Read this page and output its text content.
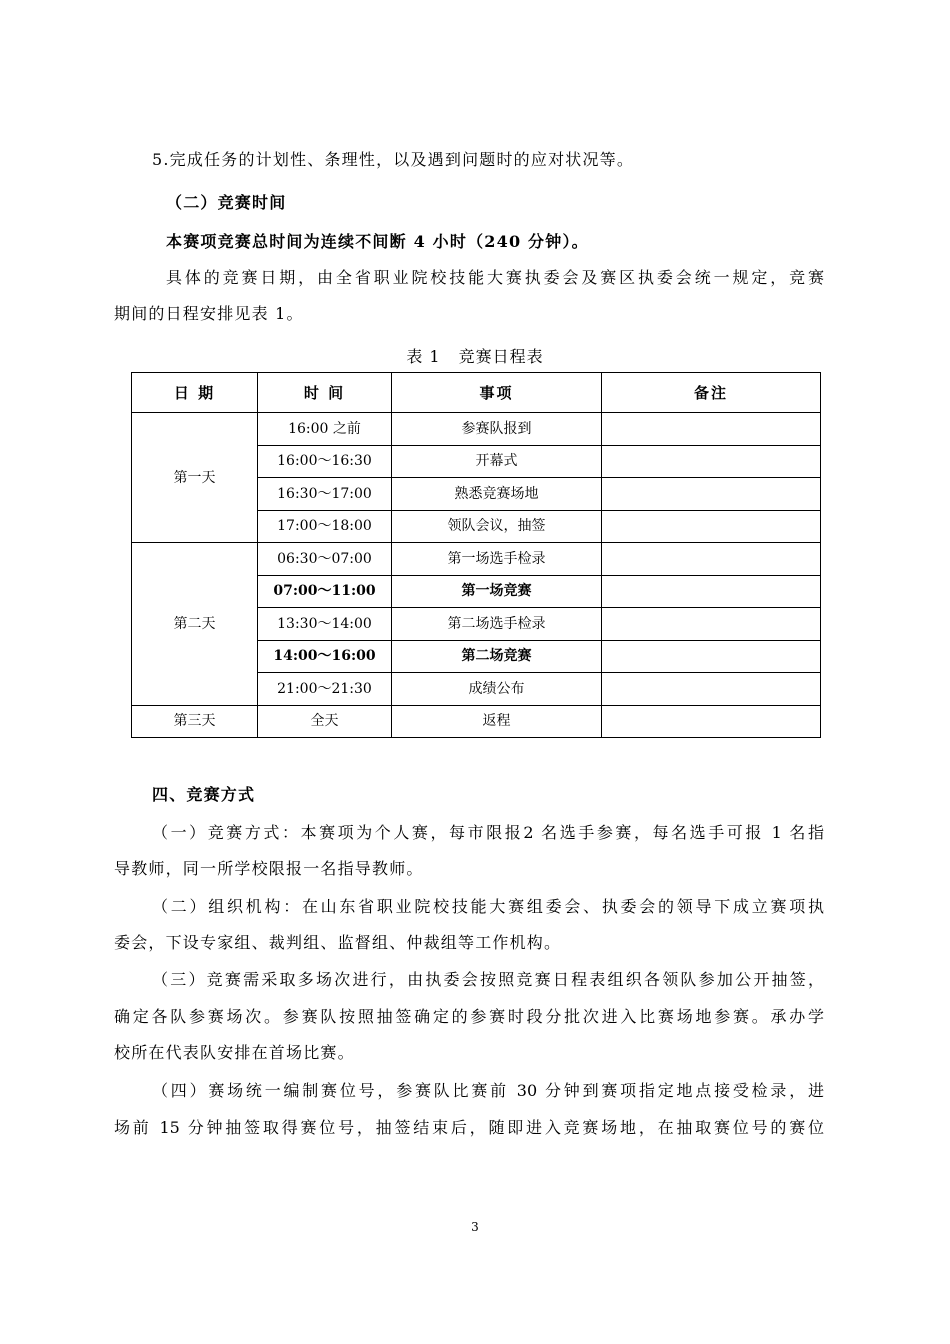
5.完成任务的计划性、条理性，以及遇到问题时的应对状况等。
（二）竞赛时间
本赛项竞赛总时间为连续不间断 4 小时（240 分钟）。
具体的竞赛日期，由全省职业院校技能大赛执委会及赛区执委会统一规定，竞赛
期间的日程安排见表 1。
表 1 竞赛日程表
日 期	时 间	事项	备注
第一天	16:00 之前	参赛队报到	
	16:00～16:30	开幕式	
	16:30～17:00	熟悉竞赛场地	
	17:00～18:00	领队会议，抽签	
第二天	06:30～07:00	第一场选手检录	
	07:00～11:00	第一场竞赛	
	13:30～14:00	第二场选手检录	
	14:00～16:00	第二场竞赛	
	21:00～21:30	成绩公布	
第三天	全天	返程	
四、竞赛方式
（一）竞赛方式：本赛项为个人赛，每市限报2 名选手参赛，每名选手可报 1 名指
导教师，同一所学校限报一名指导教师。
（二）组织机构：在山东省职业院校技能大赛组委会、执委会的领导下成立赛项执
委会，下设专家组、裁判组、监督组、仲裁组等工作机构。
（三）竞赛需采取多场次进行，由执委会按照竞赛日程表组织各领队参加公开抽签，
确定各队参赛场次。参赛队按照抽签确定的参赛时段分批次进入比赛场地参赛。承办学
校所在代表队安排在首场比赛。
（四）赛场统一编制赛位号，参赛队比赛前 30 分钟到赛项指定地点接受检录，进
场前 15 分钟抽签取得赛位号，抽签结束后，随即进入竞赛场地，在抽取赛位号的赛位
3
